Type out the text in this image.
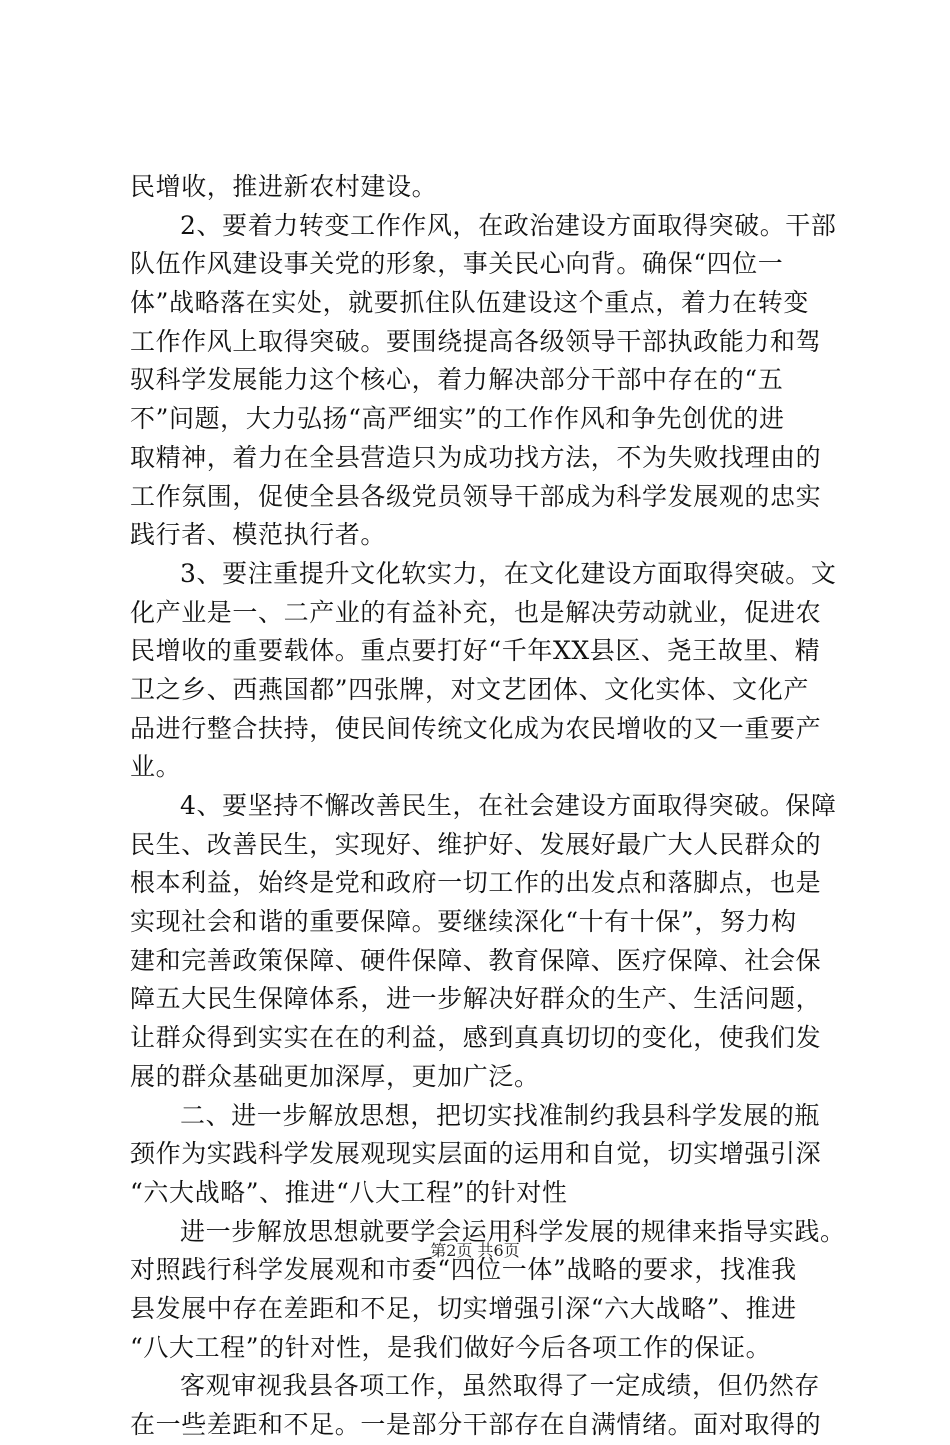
民增收，推进新农村建设。
2、要着力转变工作作风，在政治建设方面取得突破。干部
队伍作风建设事关党的形象，事关民心向背。确保“四位一
体”战略落在实处，就要抓住队伍建设这个重点，着力在转变
工作作风上取得突破。要围绕提高各级领导干部执政能力和驾
驭科学发展能力这个核心，着力解决部分干部中存在的“五
不”问题，大力弘扬“高严细实”的工作作风和争先创优的进
取精神，着力在全县营造只为成功找方法，不为失败找理由的
工作氛围，促使全县各级党员领导干部成为科学发展观的忠实
践行者、模范执行者。
3、要注重提升文化软实力，在文化建设方面取得突破。文
化产业是一、二产业的有益补充，也是解决劳动就业，促进农
民增收的重要载体。重点要打好“千年XX县区、尧王故里、精
卫之乡、西燕国都”四张牌，对文艺团体、文化实体、文化产
品进行整合扶持，使民间传统文化成为农民增收的又一重要产
业。
4、要坚持不懈改善民生，在社会建设方面取得突破。保障
民生、改善民生，实现好、维护好、发展好最广大人民群众的
根本利益，始终是党和政府一切工作的出发点和落脚点，也是
实现社会和谐的重要保障。要继续深化“十有十保”，努力构
建和完善政策保障、硬件保障、教育保障、医疗保障、社会保
障五大民生保障体系，进一步解决好群众的生产、生活问题，
让群众得到实实在在的利益，感到真真切切的变化，使我们发
展的群众基础更加深厚，更加广泛。
二、进一步解放思想，把切实找准制约我县科学发展的瓶
颈作为实践科学发展观现实层面的运用和自觉，切实增强引深
“六大战略”、推进“八大工程”的针对性
进一步解放思想就要学会运用科学发展的规律来指导实践。
对照践行科学发展观和市委“四位一体”战略的要求，找准我
县发展中存在差距和不足，切实增强引深“六大战略”、推进
“八大工程”的针对性，是我们做好今后各项工作的保证。
客观审视我县各项工作，虽然取得了一定成绩，但仍然存
在一些差距和不足。一是部分干部存在自满情绪。面对取得的
第2页 共6页
